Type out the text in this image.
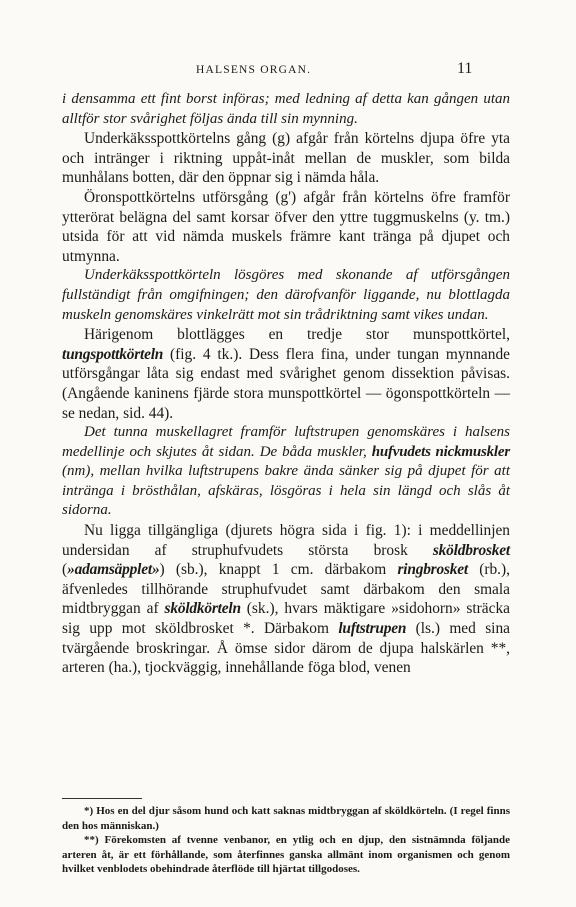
HALSENS ORGAN.	11

i densamma ett fint borst införas; med ledning af detta kan gången utan alltför stor svårighet följas ända till sin mynning.

Underkäksspottkörtelns gång (g) afgår från körtelns djupa öfre yta och intränger i riktning uppåt-inåt mellan de muskler, som bilda munhålans botten, där den öppnar sig i nämda håla.

Öronspottkörtelns utförsgång (g') afgår från körtelns öfre framför ytterörat belägna del samt korsar öfver den yttre tuggmuskelns (y. tm.) utsida för att vid nämda muskels främre kant tränga på djupet och utmynna.

Underkäksspottkörteln lösgöres med skonande af utförsgången fullständigt från omgifningen; den därofvanför liggande, nu blottlagda muskeln genomskäres vinkelrätt mot sin trådriktning samt vikes undan.

Härigenom blottlägges en tredje stor munspottkörtel, tungspottkörteln (fig. 4 tk.). Dess flera fina, under tungan mynnande utförsgångar låta sig endast med svårighet genom dissektion påvisas. (Angående kaninens fjärde stora munspottkörtel — ögonspottkörteln — se nedan, sid. 44).

Det tunna muskellagret framför luftstrupen genomskäres i halsens medellinje och skjutes åt sidan. De båda muskler, hufvudets nickmuskler (nm), mellan hvilka luftstrupens bakre ända sänker sig på djupet för att intränga i brösthålan, afskäras, lösgöras i hela sin längd och slås åt sidorna.

Nu ligga tillgängliga (djurets högra sida i fig. 1): i meddellinjen undersidan af struphufvudets största brosk sköldbrosket (»adamsäpplet») (sb.), knappt 1 cm. därbakom ringbrosket (rb.), äfvenledes tillhörande struphufvudet samt därbakom den smala midtbryggan af sköldkörteln (sk.), hvars mäktigare »sidohorn» sträcka sig upp mot sköldbrosket *. Därbakom luftstrupen (ls.) med sina tvärgående broskringar. Å ömse sidor därom de djupa halskärlen **, arteren (ha.), tjockväggig, innehållande föga blod, venen

*) Hos en del djur såsom hund och katt saknas midtbryggan af sköldkörteln. (I regel finns den hos människan.)

**) Förekomsten af tvenne venbanor, en ytlig och en djup, den sistnämnda följande arteren åt, är ett förhållande, som återfinnes ganska allmänt inom organismen och genom hvilket venblodets obehindrade återflöde till hjärtat tillgodoses.
